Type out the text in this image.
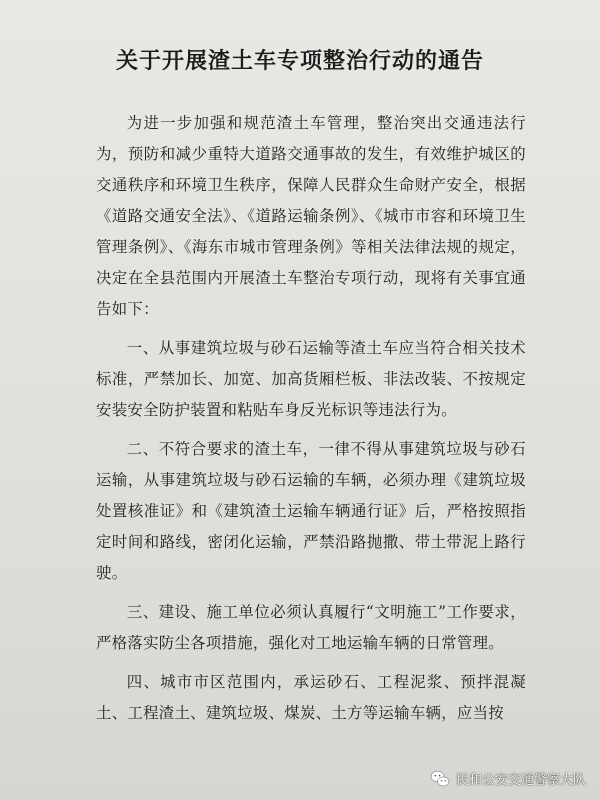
关于开展渣土车专项整治行动的通告

为进一步加强和规范渣土车管理，整治突出交通违法行为，预防和减少重特大道路交通事故的发生，有效维护城区的交通秩序和环境卫生秩序，保障人民群众生命财产安全，根据《道路交通安全法》、《道路运输条例》、《城市市容和环境卫生管理条例》、《海东市城市管理条例》等相关法律法规的规定，决定在全县范围内开展渣土车整治专项行动，现将有关事宜通告如下：

一、从事建筑垃圾与砂石运输等渣土车应当符合相关技术标准，严禁加长、加宽、加高货厢栏板、非法改装、不按规定安装安全防护装置和粘贴车身反光标识等违法行为。

二、不符合要求的渣土车，一律不得从事建筑垃圾与砂石运输，从事建筑垃圾与砂石运输的车辆，必须办理《建筑垃圾处置核准证》和《建筑渣土运输车辆通行证》后，严格按照指定时间和路线，密闭化运输，严禁沿路抛撒、带土带泥上路行驶。

三、建设、施工单位必须认真履行“文明施工”工作要求，严格落实防尘各项措施，强化对工地运输车辆的日常管理。

四、城市市区范围内，承运砂石、工程泥浆、预拌混凝土、工程渣土、建筑垃圾、煤炭、土方等运输车辆，应当按

民和公安交通警察大队
